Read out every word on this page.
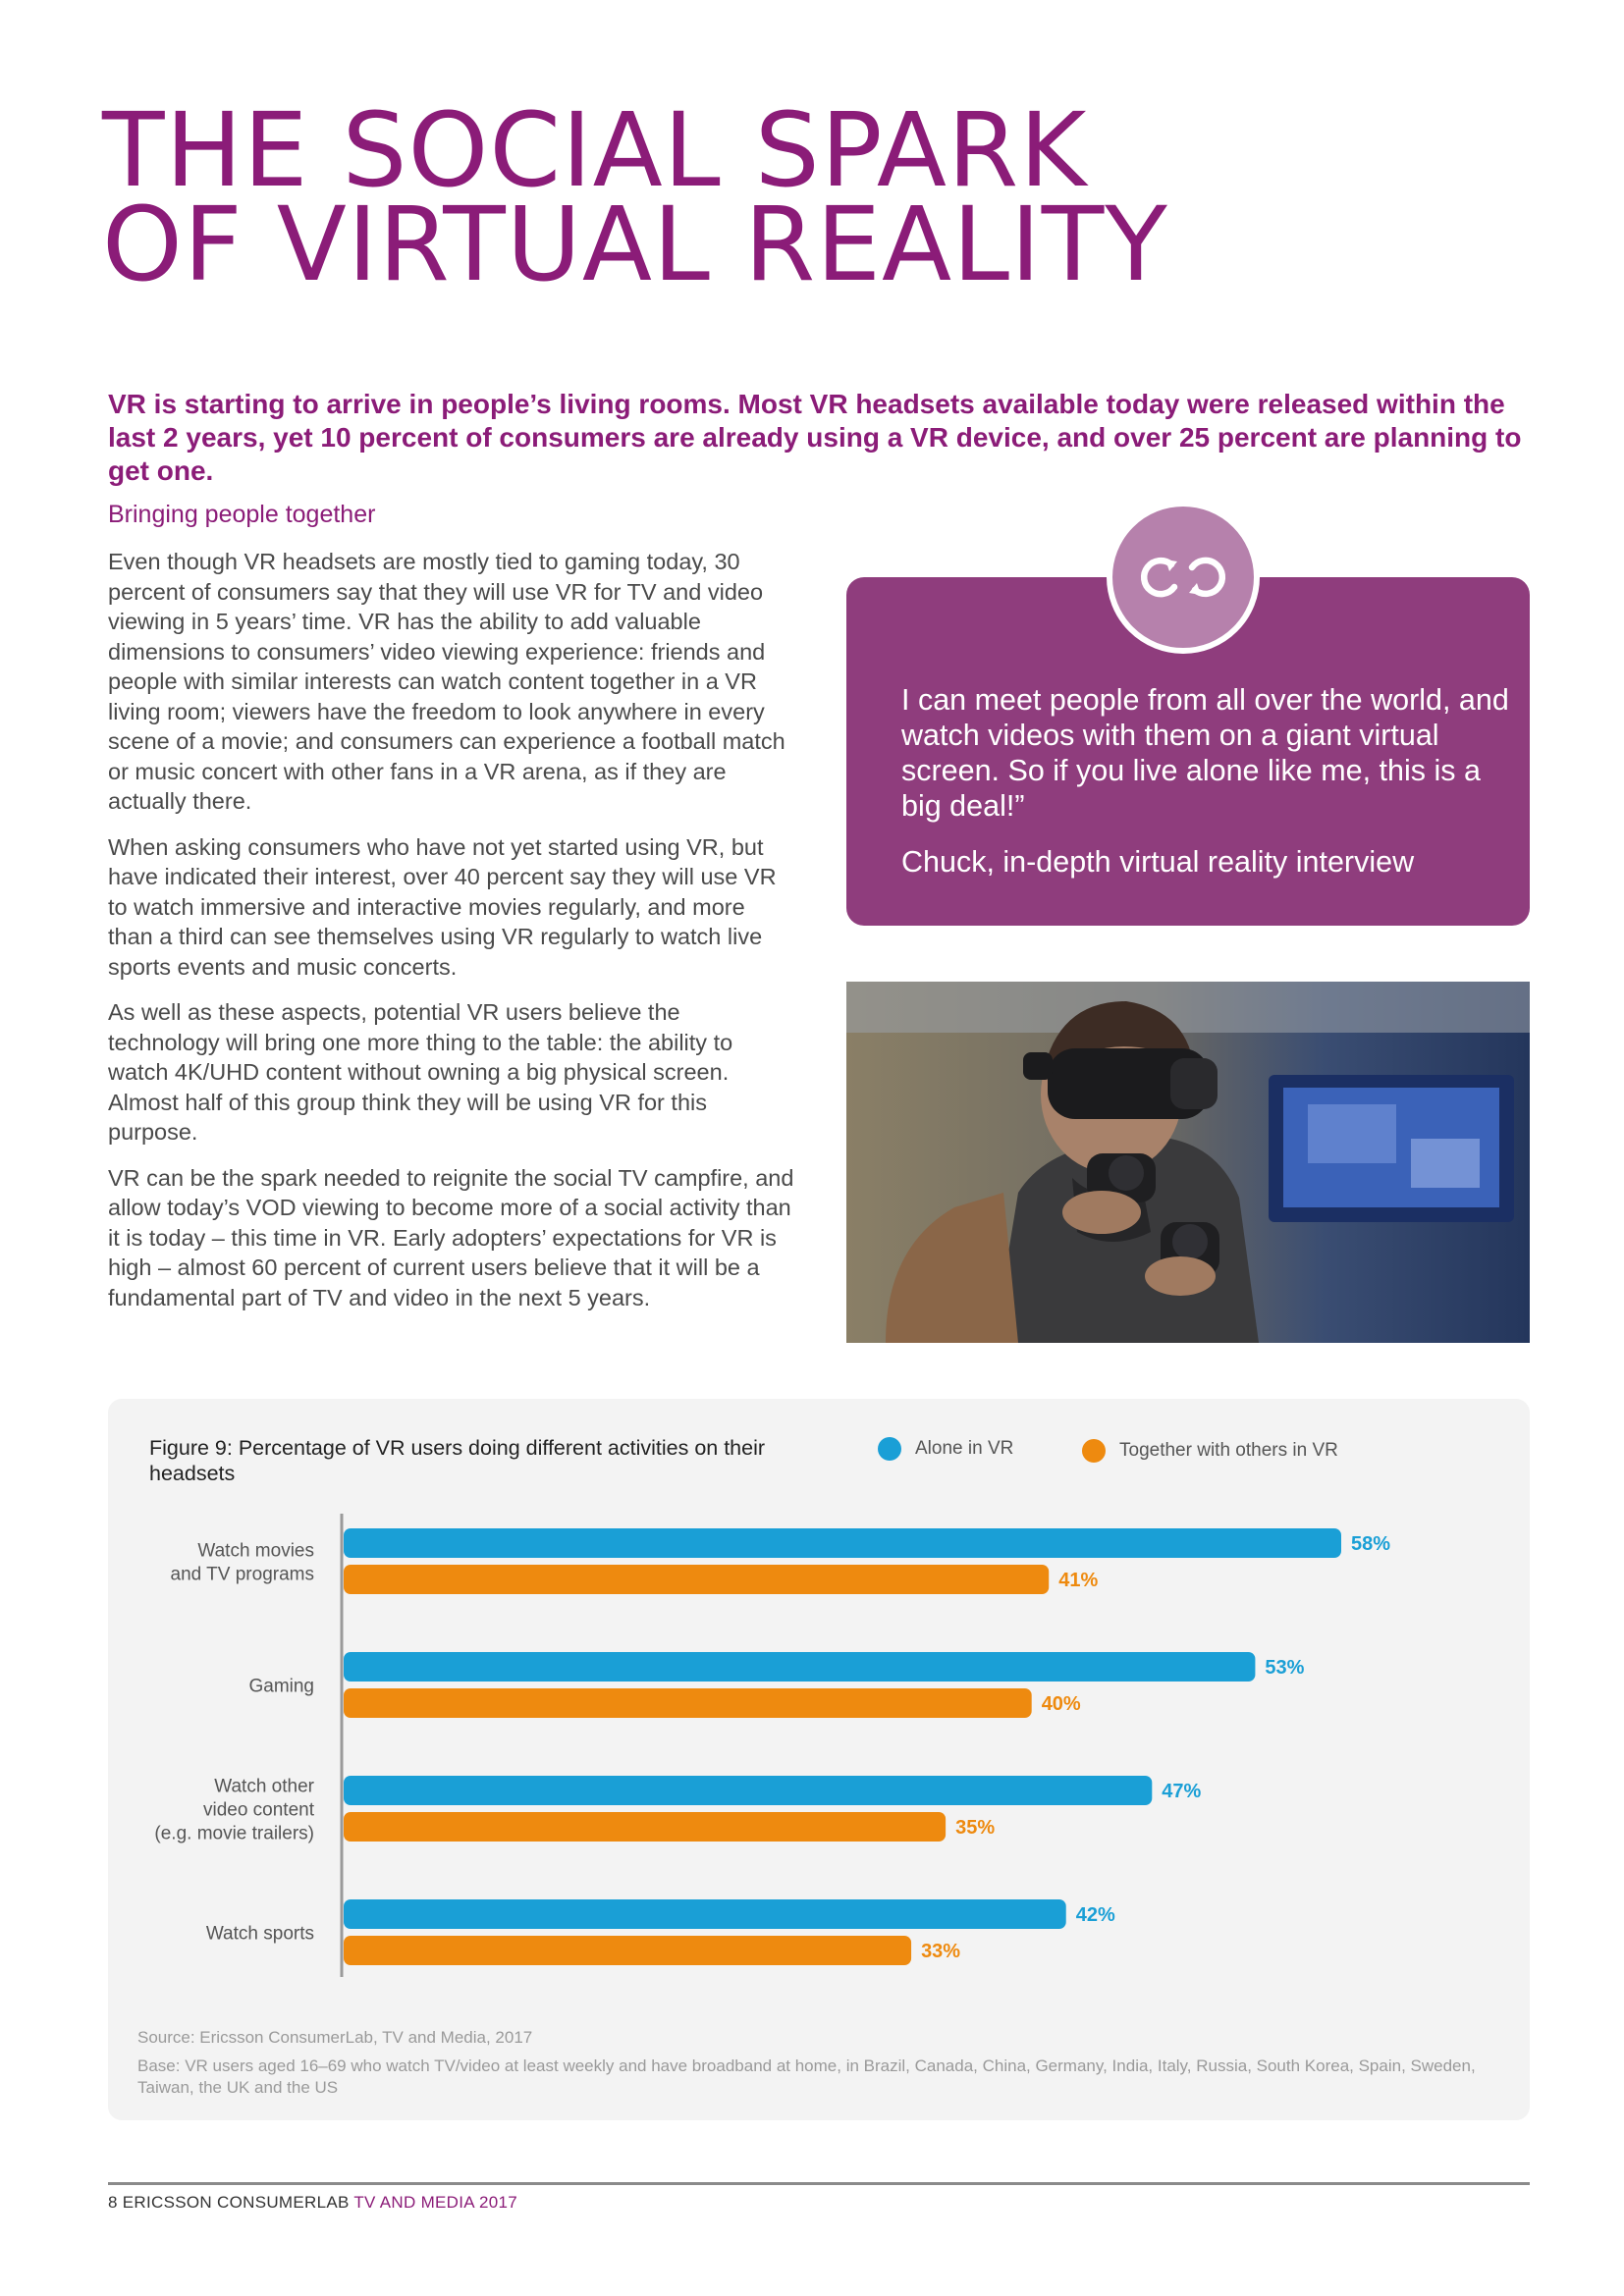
THE SOCIAL SPARK
OF VIRTUAL REALITY

VR is starting to arrive in people’s living rooms. Most VR headsets available today were released within the last 2 years, yet 10 percent of consumers are already using a VR device, and over 25 percent are planning to get one.

Bringing people together

Even though VR headsets are mostly tied to gaming today, 30 percent of consumers say that they will use VR for TV and video viewing in 5 years’ time. VR has the ability to add valuable dimensions to consumers’ video viewing experience: friends and people with similar interests can watch content together in a VR living room; viewers have the freedom to look anywhere in every scene of a movie; and consumers can experience a football match or music concert with other fans in a VR arena, as if they are actually there.

When asking consumers who have not yet started using VR, but have indicated their interest, over 40 percent say they will use VR to watch immersive and interactive movies regularly, and more than a third can see themselves using VR regularly to watch live sports events and music concerts.

As well as these aspects, potential VR users believe the technology will bring one more thing to the table: the ability to watch 4K/UHD content without owning a big physical screen. Almost half of this group think they will be using VR for this purpose.

VR can be the spark needed to reignite the social TV campfire, and allow today’s VOD viewing to become more of a social activity than it is today – this time in VR. Early adopters’ expectations for VR is high – almost 60 percent of current users believe that it will be a fundamental part of TV and video in the next 5 years.

I can meet people from all over the world, and watch videos with them on a giant virtual screen. So if you live alone like me, this is a big deal!”

Chuck, in-depth virtual reality interview

Figure 9: Percentage of VR users doing different activities on their headsets

Alone in VR	Together with others in VR
Watch movies and TV programs
58%
41%
Gaming
53%
40%
Watch other video content (e.g. movie trailers)
47%
35%
Watch sports
42%
33%

Source: Ericsson ConsumerLab, TV and Media, 2017

Base: VR users aged 16–69 who watch TV/video at least weekly and have broadband at home, in Brazil, Canada, China, Germany, India, Italy, Russia, South Korea, Spain, Sweden, Taiwan, the UK and the US

8 ERICSSON CONSUMERLAB TV AND MEDIA 2017
